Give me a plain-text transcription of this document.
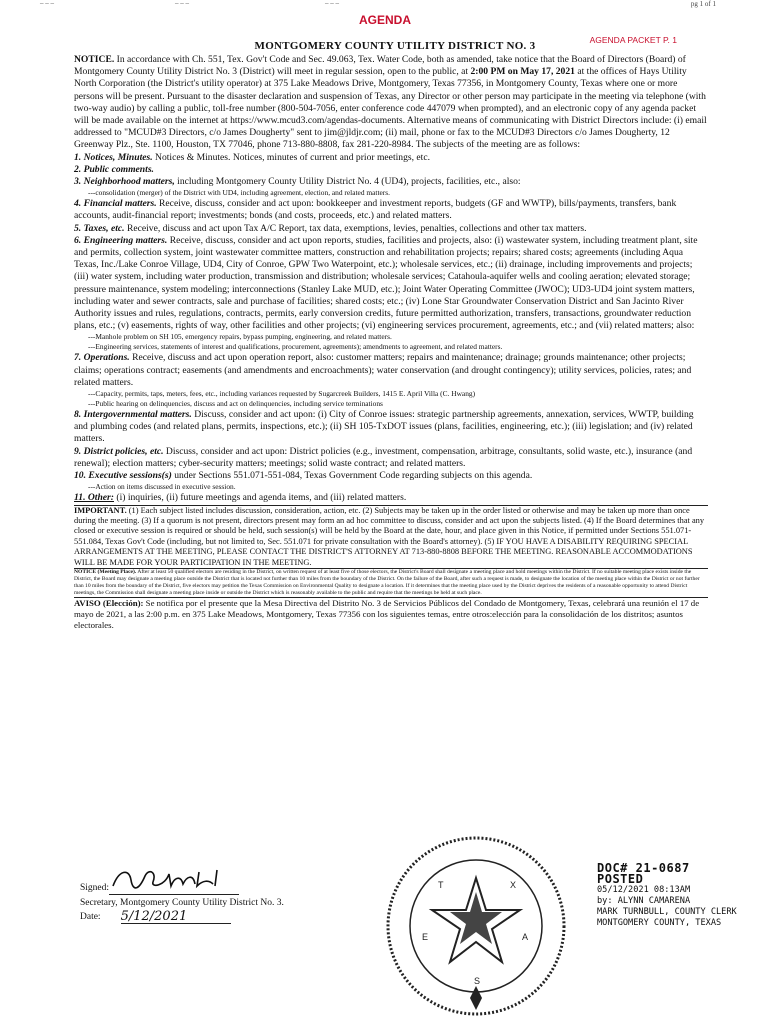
– – –	– – –	– – –	pg 1 of 1
AGENDA
AGENDA PACKET P. 1
MONTGOMERY COUNTY UTILITY DISTRICT NO. 3

NOTICE. In accordance with Ch. 551, Tex. Gov't Code and Sec. 49.063, Tex. Water Code, both as amended, take notice that the Board of Directors (Board) of Montgomery County Utility District No. 3 (District) will meet in regular session, open to the public, at 2:00 PM on May 17, 2021 at the offices of Hays Utility North Corporation (the District's utility operator) at 375 Lake Meadows Drive, Montgomery, Texas 77356, in Montgomery County, Texas where one or more persons will be present. Pursuant to the disaster declaration and suspension of Texas, any Director or other person may participate in the meeting via telephone (with two-way audio) by calling a public, toll-free number (800-504-7056, enter conference code 447079 when prompted), and an electronic copy of any agenda packet will be made available on the internet at https://www.mcud3.com/agendas-documents. Alternative means of communicating with District Directors include: (i) email addressed to "MCUD#3 Directors, c/o James Dougherty" sent to jim@jldjr.com; (ii) mail, phone or fax to the MCUD#3 Directors c/o James Dougherty, 12 Greenway Plz., Ste. 1100, Houston, TX 77046, phone 713-880-8808, fax 281-220-8984. The subjects of the meeting are as follows:

1. Notices, Minutes. Notices & Minutes. Notices, minutes of current and prior meetings, etc.

2. Public comments.

3. Neighborhood matters, including Montgomery County Utility District No. 4 (UD4), projects, facilities, etc., also:

---consolidation (merger) of the District with UD4, including agreement, election, and related matters.

4. Financial matters. Receive, discuss, consider and act upon: bookkeeper and investment reports, budgets (GF and WWTP), bills/payments, transfers, bank accounts, audit-financial report; investments; bonds (and costs, proceeds, etc.) and related matters.

5. Taxes, etc. Receive, discuss and act upon Tax A/C Report, tax data, exemptions, levies, penalties, collections and other tax matters.

6. Engineering matters. Receive, discuss, consider and act upon reports, studies, facilities and projects, also: (i) wastewater system, including treatment plant, site and permits, collection system, joint wastewater committee matters, construction and rehabilitation projects; repairs; shared costs; agreements (including Aqua Texas, Inc./Lake Conroe Village, UD4, City of Conroe, GPW Two Waterpoint, etc.); wholesale services, etc.; (ii) drainage, including improvements and projects; (iii) water system, including water production, transmission and distribution; wholesale services; Catahoula-aquifer wells and cooling aeration; elevated storage; pressure maintenance, system modeling; interconnections (Stanley Lake MUD, etc.); Joint Water Operating Committee (JWOC); UD3-UD4 joint system matters, including water and sewer contracts, sale and purchase of facilities; shared costs; etc.; (iv) Lone Star Groundwater Conservation District and San Jacinto River Authority issues and rules, regulations, contracts, permits, early conversion credits, future permitted authorization, transfers, transactions, groundwater reduction plans, etc.; (v) easements, rights of way, other facilities and other projects; (vi) engineering services procurement, agreements, etc.; and (vii) related matters; also:

---Manhole problem on SH 105, emergency repairs, bypass pumping, engineering, and related matters.

---Engineering services, statements of interest and qualifications, procurement, agreements); amendments to agreement, and related matters.

7. Operations. Receive, discuss and act upon operation report, also: customer matters; repairs and maintenance; drainage; grounds maintenance; other projects; claims; operations contract; easements (and amendments and encroachments); water conservation (and drought contingency); utility services, policies, rates; and related matters.

---Capacity, permits, taps, meters, fees, etc., including variances requested by Sugarcreek Builders, 1415 E. April Villa (C. Hwang)

---Public hearing on delinquencies, discuss and act on delinquencies, including service terminations

8. Intergovernmental matters. Discuss, consider and act upon: (i) City of Conroe issues: strategic partnership agreements, annexation, services, WWTP, building and plumbing codes (and related plans, permits, inspections, etc.); (ii) SH 105-TxDOT issues (plans, facilities, engineering, etc.); (iii) legislation; and (iv) related matters.

9. District policies, etc. Discuss, consider and act upon: District policies (e.g., investment, compensation, arbitrage, consultants, solid waste, etc.), insurance (and renewal); election matters; cyber-security matters; meetings; solid waste contract; and related matters.

10. Executive sessions(s) under Sections 551.071-551-084, Texas Government Code regarding subjects on this agenda.

---Action on items discussed in executive session.

11. Other: (i) inquiries, (ii) future meetings and agenda items, and (iii) related matters.

IMPORTANT. (1) Each subject listed includes discussion, consideration, action, etc. (2) Subjects may be taken up in the order listed or otherwise and may be taken up more than once during the meeting. (3) If a quorum is not present, directors present may form an ad hoc committee to discuss, consider and act upon the subjects listed. (4) If the Board determines that any closed or executive session is required or should be held, such session(s) will be held by the Board at the date, hour, and place given in this Notice, if permitted under Sections 551.071-551.084, Texas Gov't Code (including, but not limited to, Sec. 551.071 for private consultation with the Board's attorney). (5) IF YOU HAVE A DISABILITY REQUIRING SPECIAL ARRANGEMENTS AT THE MEETING, PLEASE CONTACT THE DISTRICT'S ATTORNEY AT 713-880-8808 BEFORE THE MEETING. REASONABLE ACCOMMODATIONS WILL BE MADE FOR YOUR PARTICIPATION IN THE MEETING.

NOTICE (Meeting Place). After at least 50 qualified electors are residing in the District, on written request of at least five of those electors, the District's Board shall designate a meeting place and hold meetings within the District. If no suitable meeting place exists inside the District, the Board may designate a meeting place outside the District that is located not further than 10 miles from the boundary of the District. On the failure of the Board, after such a request is made, to designate the location of the meeting place within the District or not further than 10 miles from the boundary of the District, five electors may petition the Texas Commission on Environmental Quality to designate a location. If it determines that the meeting place used by the District deprives the residents of a reasonable opportunity to attend District meetings, the Commission shall designate a meeting place inside or outside the District which is reasonably available to the public and require that the meetings be held at such place.

AVISO (Elección): Se notifica por el presente que la Mesa Directiva del Distrito No. 3 de Servicios Públicos del Condado de Montgomery, Texas, celebrará una reunión el 17 de mayo de 2021, a las 2:00 p.m. en 375 Lake Meadows, Montgomery, Texas 77356 con los siguientes temas, entre otros:elección para la consolidación de los distritos; asuntos electorales.

Signed:
Secretary, Montgomery County Utility District No. 3.
Date: 5/12/2021
T	X
E	A
S
DOC# 21-0687
POSTED
05/12/2021 08:13AM
by: ALYNN CAMARENA
MARK TURNBULL, COUNTY CLERK
MONTGOMERY COUNTY, TEXAS
